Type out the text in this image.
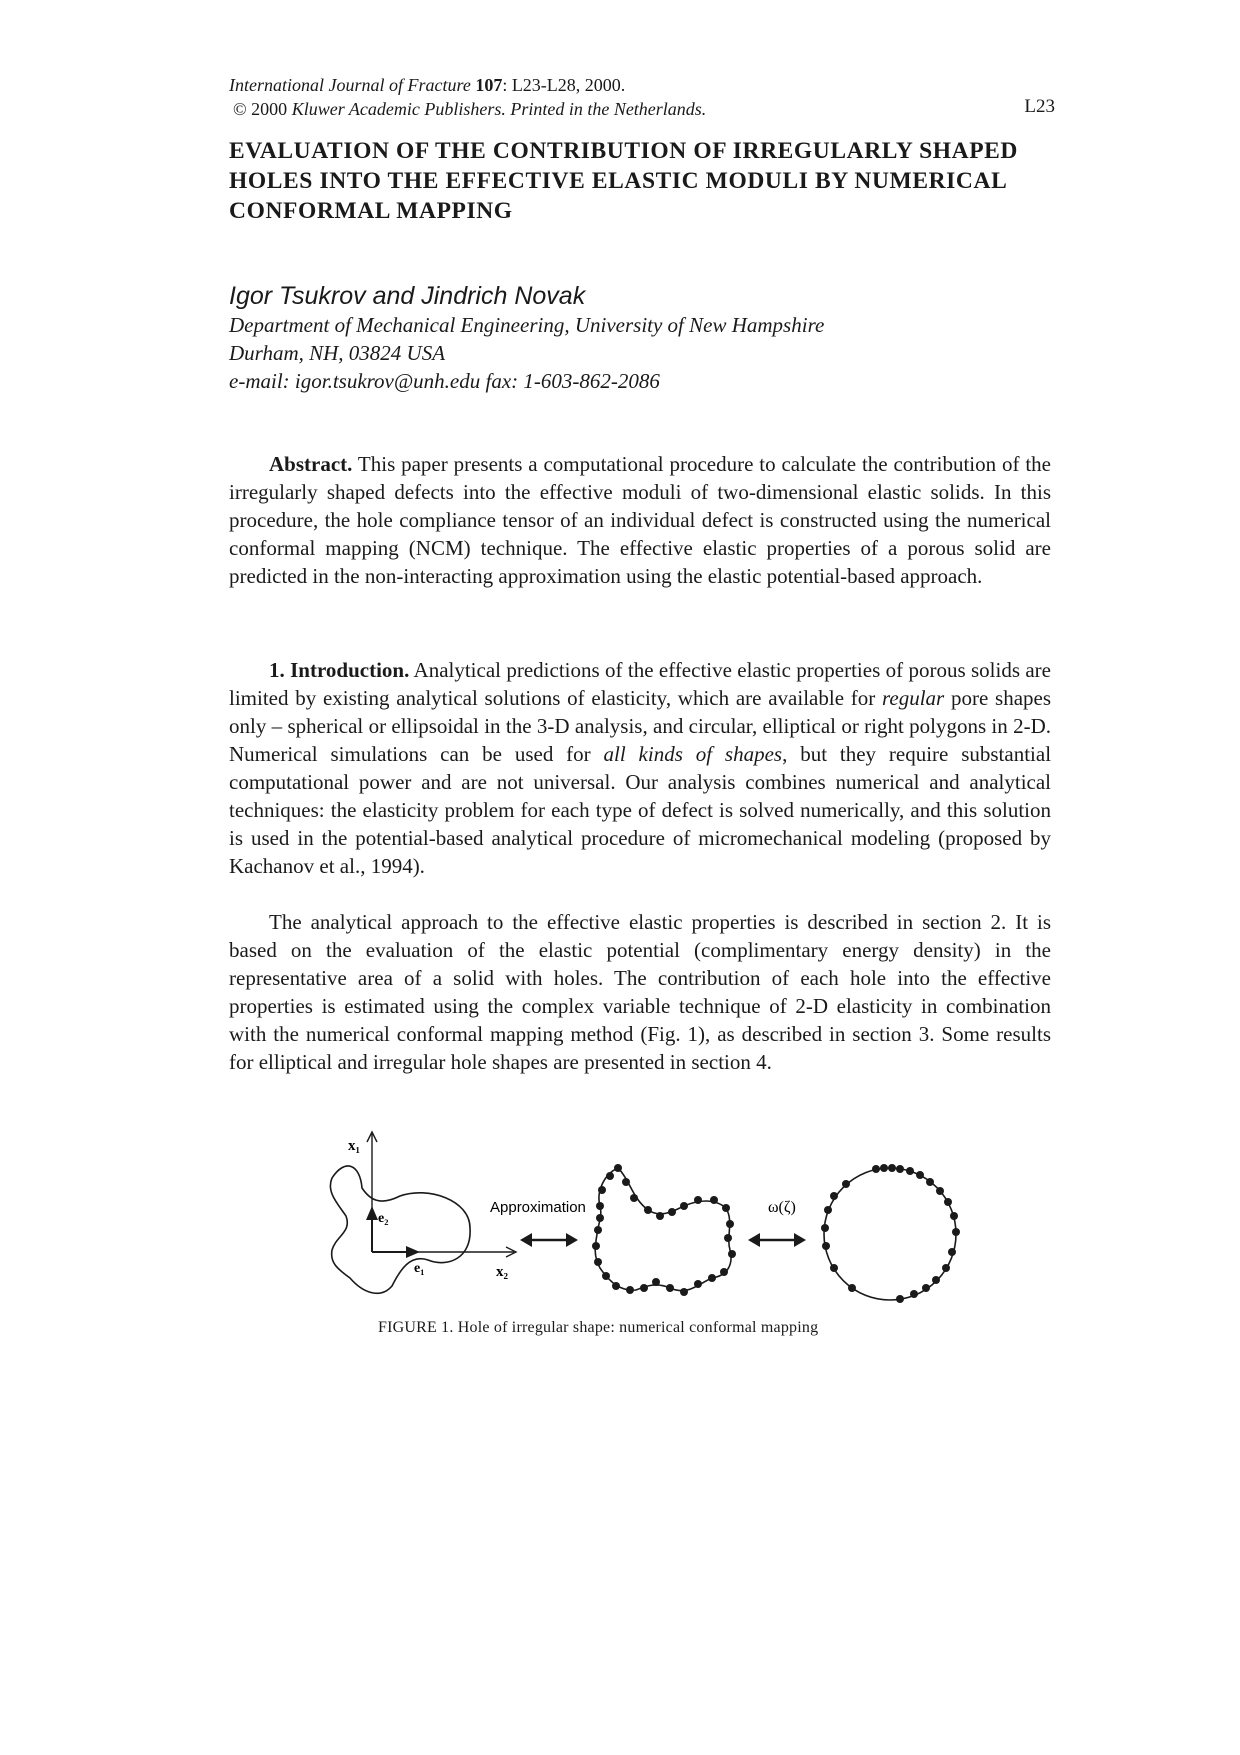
International Journal of Fracture 107: L23-L28, 2000.
© 2000 Kluwer Academic Publishers. Printed in the Netherlands.	L23
EVALUATION OF THE CONTRIBUTION OF IRREGULARLY SHAPED HOLES INTO THE EFFECTIVE ELASTIC MODULI BY NUMERICAL CONFORMAL MAPPING
Igor Tsukrov and Jindrich Novak
Department of Mechanical Engineering, University of New Hampshire
Durham, NH, 03824 USA
e-mail: igor.tsukrov@unh.edu fax: 1-603-862-2086
Abstract. This paper presents a computational procedure to calculate the contribution of the irregularly shaped defects into the effective moduli of two-dimensional elastic solids. In this procedure, the hole compliance tensor of an individual defect is constructed using the numerical conformal mapping (NCM) technique. The effective elastic properties of a porous solid are predicted in the non-interacting approximation using the elastic potential-based approach.
1. Introduction. Analytical predictions of the effective elastic properties of porous solids are limited by existing analytical solutions of elasticity, which are available for regular pore shapes only – spherical or ellipsoidal in the 3-D analysis, and circular, elliptical or right polygons in 2-D. Numerical simulations can be used for all kinds of shapes, but they require substantial computational power and are not universal. Our analysis combines numerical and analytical techniques: the elasticity problem for each type of defect is solved numerically, and this solution is used in the potential-based analytical procedure of micromechanical modeling (proposed by Kachanov et al., 1994).
The analytical approach to the effective elastic properties is described in section 2. It is based on the evaluation of the elastic potential (complimentary energy density) in the representative area of a solid with holes. The contribution of each hole into the effective properties is estimated using the complex variable technique of 2-D elasticity in combination with the numerical conformal mapping method (Fig. 1), as described in section 3. Some results for elliptical and irregular hole shapes are presented in section 4.
x₁
e₂
e₁	x₂
Approximation	ω(ζ)
FIGURE 1. Hole of irregular shape: numerical conformal mapping
